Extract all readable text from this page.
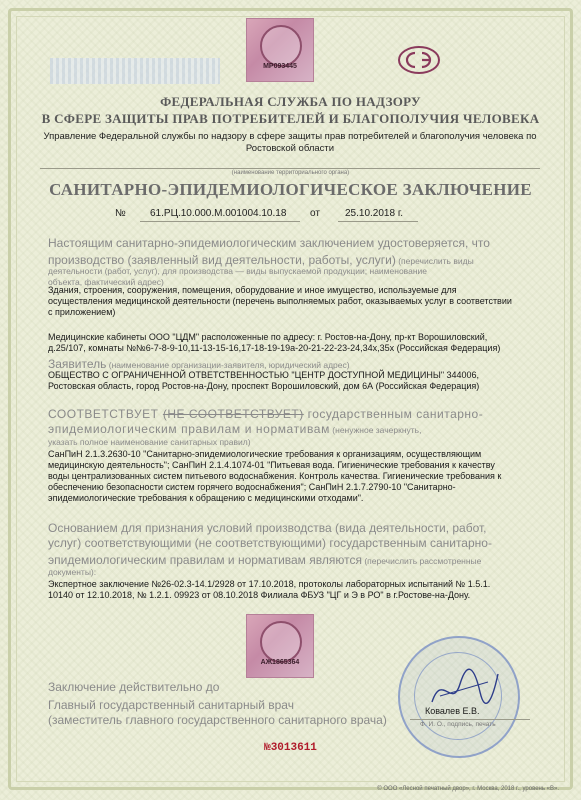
МР093445
ФЕДЕРАЛЬНАЯ СЛУЖБА ПО НАДЗОРУ
В СФЕРЕ ЗАЩИТЫ ПРАВ ПОТРЕБИТЕЛЕЙ И БЛАГОПОЛУЧИЯ ЧЕЛОВЕКА
Управление Федеральной службы по надзору в сфере защиты прав потребителей и благополучия человека по
Ростовской области
(наименование территориального органа)
САНИТАРНО-ЭПИДЕМИОЛОГИЧЕСКОЕ ЗАКЛЮЧЕНИЕ
№ 61.РЦ.10.000.М.001004.10.18 от	25.10.2018 г.
Настоящим санитарно-эпидемиологическим заключением удостоверяется, что
производство (заявленный вид деятельности, работы, услуги) (перечислить виды
деятельности (работ, услуг), для производства — виды выпускаемой продукции; наименование
объекта, фактический адрес)
Здания, строения, сооружения, помещения, оборудование и иное имущество, используемые для
осуществления медицинской деятельности (перечень выполняемых работ, оказываемых услуг в соответствии
с приложением)
Медицинские кабинеты ООО "ЦДМ" расположенные по адресу: г. Ростов-на-Дону, пр-кт Ворошиловский,
д.25/107, комнаты №№6-7-8-9-10,11-13-15-16,17-18-19-19а-20-21-22-23-24,34х,35х (Российская Федерация)
Заявитель (наименование организации-заявителя, юридический адрес)
ОБЩЕСТВО С ОГРАНИЧЕННОЙ ОТВЕТСТВЕННОСТЬЮ "ЦЕНТР ДОСТУПНОЙ МЕДИЦИНЫ" 344006,
Ростовская область, город Ростов-на-Дону, проспект Ворошиловский, дом 6А (Российская Федерация)
СООТВЕТСТВУЕТ (НЕ СООТВЕТСТВУЕТ) государственным санитарно-
эпидемиологическим правилам и нормативам (ненужное зачеркнуть,
указать полное наименование санитарных правил)
СанПиН 2.1.3.2630-10 "Санитарно-эпидемиологические требования к организациям, осуществляющим
медицинскую деятельность"; СанПиН 2.1.4.1074-01 "Питьевая вода. Гигиенические требования к качеству
воды централизованных систем питьевого водоснабжения. Контроль качества. Гигиенические требования к
обеспечению безопасности систем горячего водоснабжения"; СанПиН 2.1.7.2790-10 "Санитарно-
эпидемиологические требования к обращению с медицинскими отходами".
Основанием для признания условий производства (вида деятельности, работ,
услуг) соответствующими (не соответствующими) государственным санитарно-
эпидемиологическим правилам и нормативам являются (перечислить рассмотренные
документы):
Экспертное заключение №26-02.3-14.1/2928 от 17.10.2018, протоколы лабораторных испытаний № 1.5.1.
10140 от 12.10.2018, № 1.2.1. 09923 от 08.10.2018 Филиала ФБУЗ "ЦГ и Э в РО" в г.Ростове-на-Дону.
АЖ1865364
Заключение действительно до
Главный государственный санитарный врач
(заместитель главного государственного санитарного врача)
Ковалев Е.В.
Ф. И. О., подпись, печать
№3013611
© ООО «Лесной печатный двор», г. Москва, 2018 г., уровень «В».
